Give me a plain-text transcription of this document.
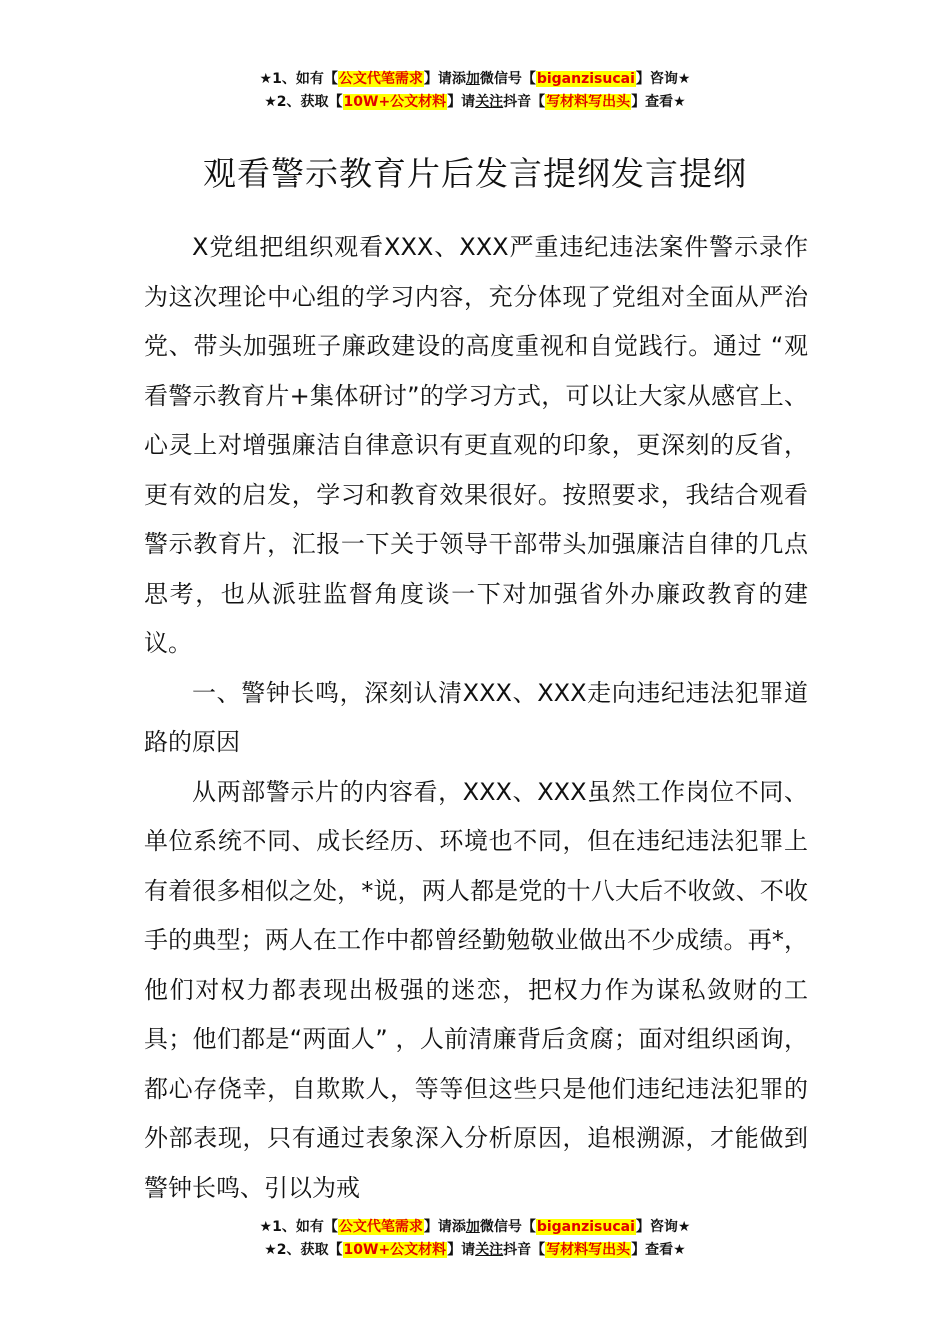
★1、如有【公文代笔需求】请添加微信号【biganzisucai】咨询★
★2、获取【10W+公文材料】请关注抖音【写材料写出头】查看★
观看警示教育片后发言提纲发言提纲

X党组把组织观看XXX、XXX严重违纪违法案件警示录作为这次理论中心组的学习内容，充分体现了党组对全面从严治党、带头加强班子廉政建设的高度重视和自觉践行。通过 “观看警示教育片+集体研讨”的学习方式，可以让大家从感官上、心灵上对增强廉洁自律意识有更直观的印象，更深刻的反省，更有效的启发，学习和教育效果很好。按照要求，我结合观看警示教育片，汇报一下关于领导干部带头加强廉洁自律的几点思考，也从派驻监督角度谈一下对加强省外办廉政教育的建议。

一、警钟长鸣，深刻认清XXX、XXX走向违纪违法犯罪道路的原因

从两部警示片的内容看，XXX、XXX虽然工作岗位不同、单位系统不同、成长经历、环境也不同，但在违纪违法犯罪上有着很多相似之处，*说，两人都是党的十八大后不收敛、不收手的典型；两人在工作中都曾经勤勉敬业做出不少成绩。再*，他们对权力都表现出极强的迷恋，把权力作为谋私敛财的工具；他们都是“两面人” ，人前清廉背后贪腐；面对组织函询，都心存侥幸，自欺欺人，等等但这些只是他们违纪违法犯罪的外部表现，只有通过表象深入分析原因，追根溯源，才能做到警钟长鸣、引以为戒

★1、如有【公文代笔需求】请添加微信号【biganzisucai】咨询★
★2、获取【10W+公文材料】请关注抖音【写材料写出头】查看★
